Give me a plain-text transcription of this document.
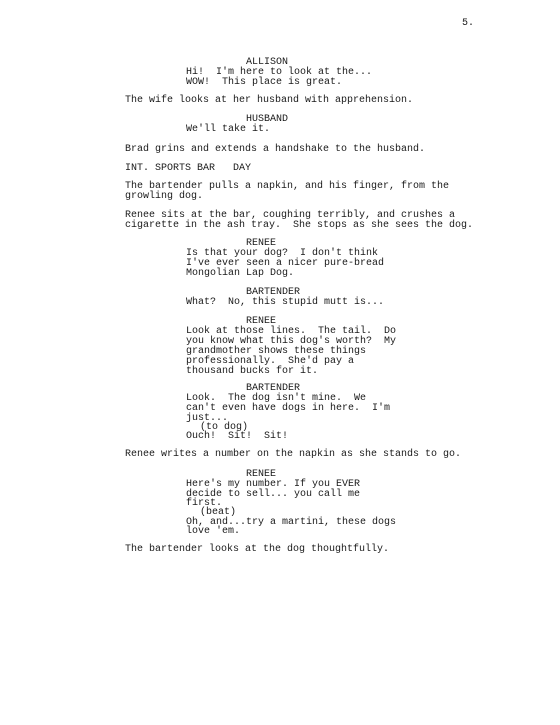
5.
ALLISON
Hi!  I'm here to look at the...
WOW!  This place is great.
The wife looks at her husband with apprehension.
HUSBAND
We'll take it.
Brad grins and extends a handshake to the husband.
INT. SPORTS BAR   DAY
The bartender pulls a napkin, and his finger, from the
growling dog.
Renee sits at the bar, coughing terribly, and crushes a
cigarette in the ash tray.  She stops as she sees the dog.
RENEE
Is that your dog?  I don't think
I've ever seen a nicer pure-bread
Mongolian Lap Dog.
BARTENDER
What?  No, this stupid mutt is...
RENEE
Look at those lines.  The tail.  Do
you know what this dog's worth?  My
grandmother shows these things
professionally.  She'd pay a
thousand bucks for it.
BARTENDER
Look.  The dog isn't mine.  We
can't even have dogs in here.  I'm
just...
(to dog)
Ouch!  Sit!  Sit!
Renee writes a number on the napkin as she stands to go.
RENEE
Here's my number. If you EVER
decide to sell... you call me
first.
(beat)
Oh, and...try a martini, these dogs
love 'em.
The bartender looks at the dog thoughtfully.
